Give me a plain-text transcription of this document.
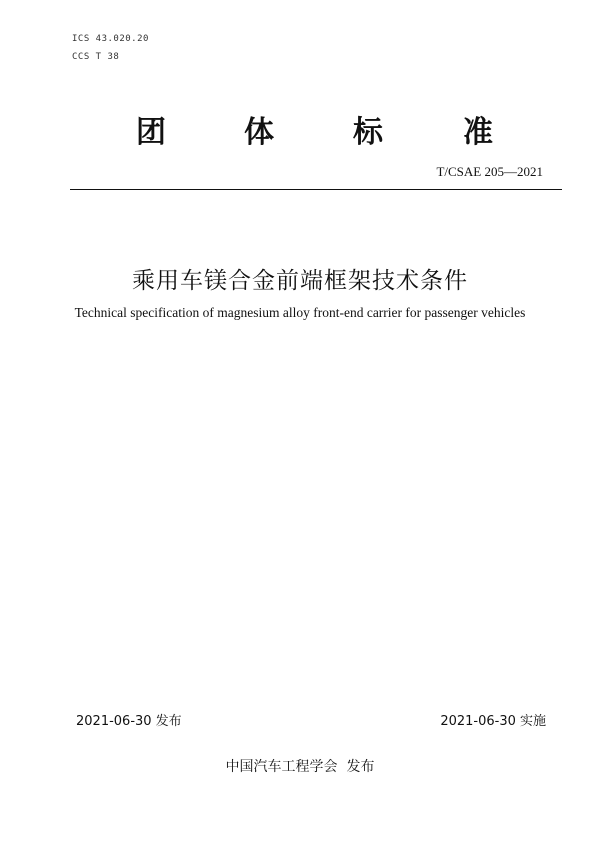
ICS 43.020.20
CCS T 38
团	体	标	准
T/CSAE 205—2021
乘用车镁合金前端框架技术条件
Technical specification of magnesium alloy front-end carrier for passenger vehicles
2021-06-30 发布	2021-06-30 实施
中国汽车工程学会  发布
